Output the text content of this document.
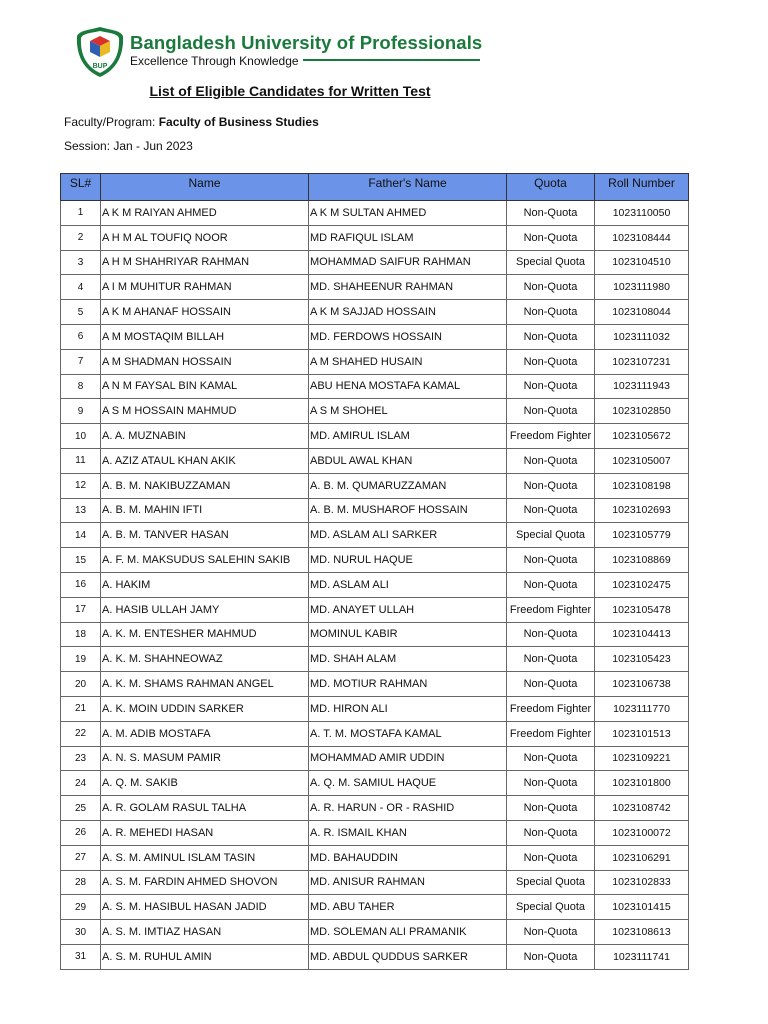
BUP
Bangladesh University of Professionals
Excellence Through Knowledge
List of Eligible Candidates for Written Test
Faculty/Program: Faculty of Business Studies
Session: Jan - Jun 2023
SL#	Name	Father's Name	Quota	Roll Number
1	A K M RAIYAN AHMED	A K M SULTAN AHMED	Non-Quota	1023110050
2	A H M AL TOUFIQ NOOR	MD RAFIQUL ISLAM	Non-Quota	1023108444
3	A H M SHAHRIYAR RAHMAN	MOHAMMAD SAIFUR RAHMAN	Special Quota	1023104510
4	A I M MUHITUR RAHMAN	MD. SHAHEENUR RAHMAN	Non-Quota	1023111980
5	A K M AHANAF HOSSAIN	A K M SAJJAD HOSSAIN	Non-Quota	1023108044
6	A M MOSTAQIM BILLAH	MD. FERDOWS HOSSAIN	Non-Quota	1023111032
7	A M SHADMAN HOSSAIN	A M SHAHED HUSAIN	Non-Quota	1023107231
8	A N M FAYSAL BIN KAMAL	ABU HENA MOSTAFA KAMAL	Non-Quota	1023111943
9	A S M HOSSAIN MAHMUD	A S M SHOHEL	Non-Quota	1023102850
10	A. A. MUZNABIN	MD. AMIRUL ISLAM	Freedom Fighter	1023105672
11	A. AZIZ ATAUL KHAN AKIK	ABDUL AWAL KHAN	Non-Quota	1023105007
12	A. B. M. NAKIBUZZAMAN	A. B. M. QUMARUZZAMAN	Non-Quota	1023108198
13	A. B. M. MAHIN IFTI	A. B. M. MUSHAROF HOSSAIN	Non-Quota	1023102693
14	A. B. M. TANVER HASAN	MD. ASLAM ALI SARKER	Special Quota	1023105779
15	A. F. M. MAKSUDUS SALEHIN SAKIB	MD. NURUL HAQUE	Non-Quota	1023108869
16	A. HAKIM	MD. ASLAM ALI	Non-Quota	1023102475
17	A. HASIB ULLAH JAMY	MD. ANAYET ULLAH	Freedom Fighter	1023105478
18	A. K. M. ENTESHER MAHMUD	MOMINUL KABIR	Non-Quota	1023104413
19	A. K. M. SHAHNEOWAZ	MD. SHAH ALAM	Non-Quota	1023105423
20	A. K. M. SHAMS RAHMAN ANGEL	MD. MOTIUR RAHMAN	Non-Quota	1023106738
21	A. K. MOIN UDDIN SARKER	MD. HIRON ALI	Freedom Fighter	1023111770
22	A. M. ADIB MOSTAFA	A. T. M. MOSTAFA KAMAL	Freedom Fighter	1023101513
23	A. N. S. MASUM PAMIR	MOHAMMAD AMIR UDDIN	Non-Quota	1023109221
24	A. Q. M. SAKIB	A. Q. M. SAMIUL HAQUE	Non-Quota	1023101800
25	A. R. GOLAM RASUL TALHA	A. R. HARUN - OR - RASHID	Non-Quota	1023108742
26	A. R. MEHEDI HASAN	A. R. ISMAIL KHAN	Non-Quota	1023100072
27	A. S. M. AMINUL ISLAM TASIN	MD. BAHAUDDIN	Non-Quota	1023106291
28	A. S. M. FARDIN AHMED SHOVON	MD. ANISUR RAHMAN	Special Quota	1023102833
29	A. S. M. HASIBUL HASAN JADID	MD. ABU TAHER	Special Quota	1023101415
30	A. S. M. IMTIAZ HASAN	MD. SOLEMAN ALI PRAMANIK	Non-Quota	1023108613
31	A. S. M. RUHUL AMIN	MD. ABDUL QUDDUS SARKER	Non-Quota	1023111741
